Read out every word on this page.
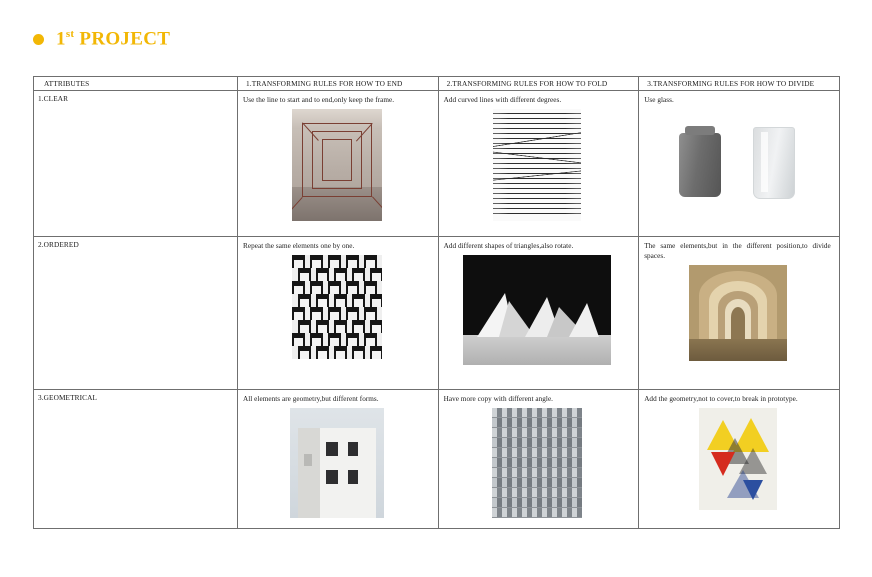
1st PROJECT
ATTRIBUTES	1.TRANSFORMING RULES FOR HOW TO END	2.TRANSFORMING RULES FOR HOW TO FOLD	3.TRANSFORMING RULES FOR HOW TO DIVIDE

1.CLEAR	Use the line to start and to end,only keep the frame.	Add curved lines with different degrees.	Use glass.

2.ORDERED	Repeat the same elements one by one.	Add different shapes of triangles,also rotate.	The same elements,but in the different position,to divide spaces.

3.GEOMETRICAL	All elements are geometry,but different forms.	Have more copy with different angle.	Add the geometry,not to cover,to break in prototype.
